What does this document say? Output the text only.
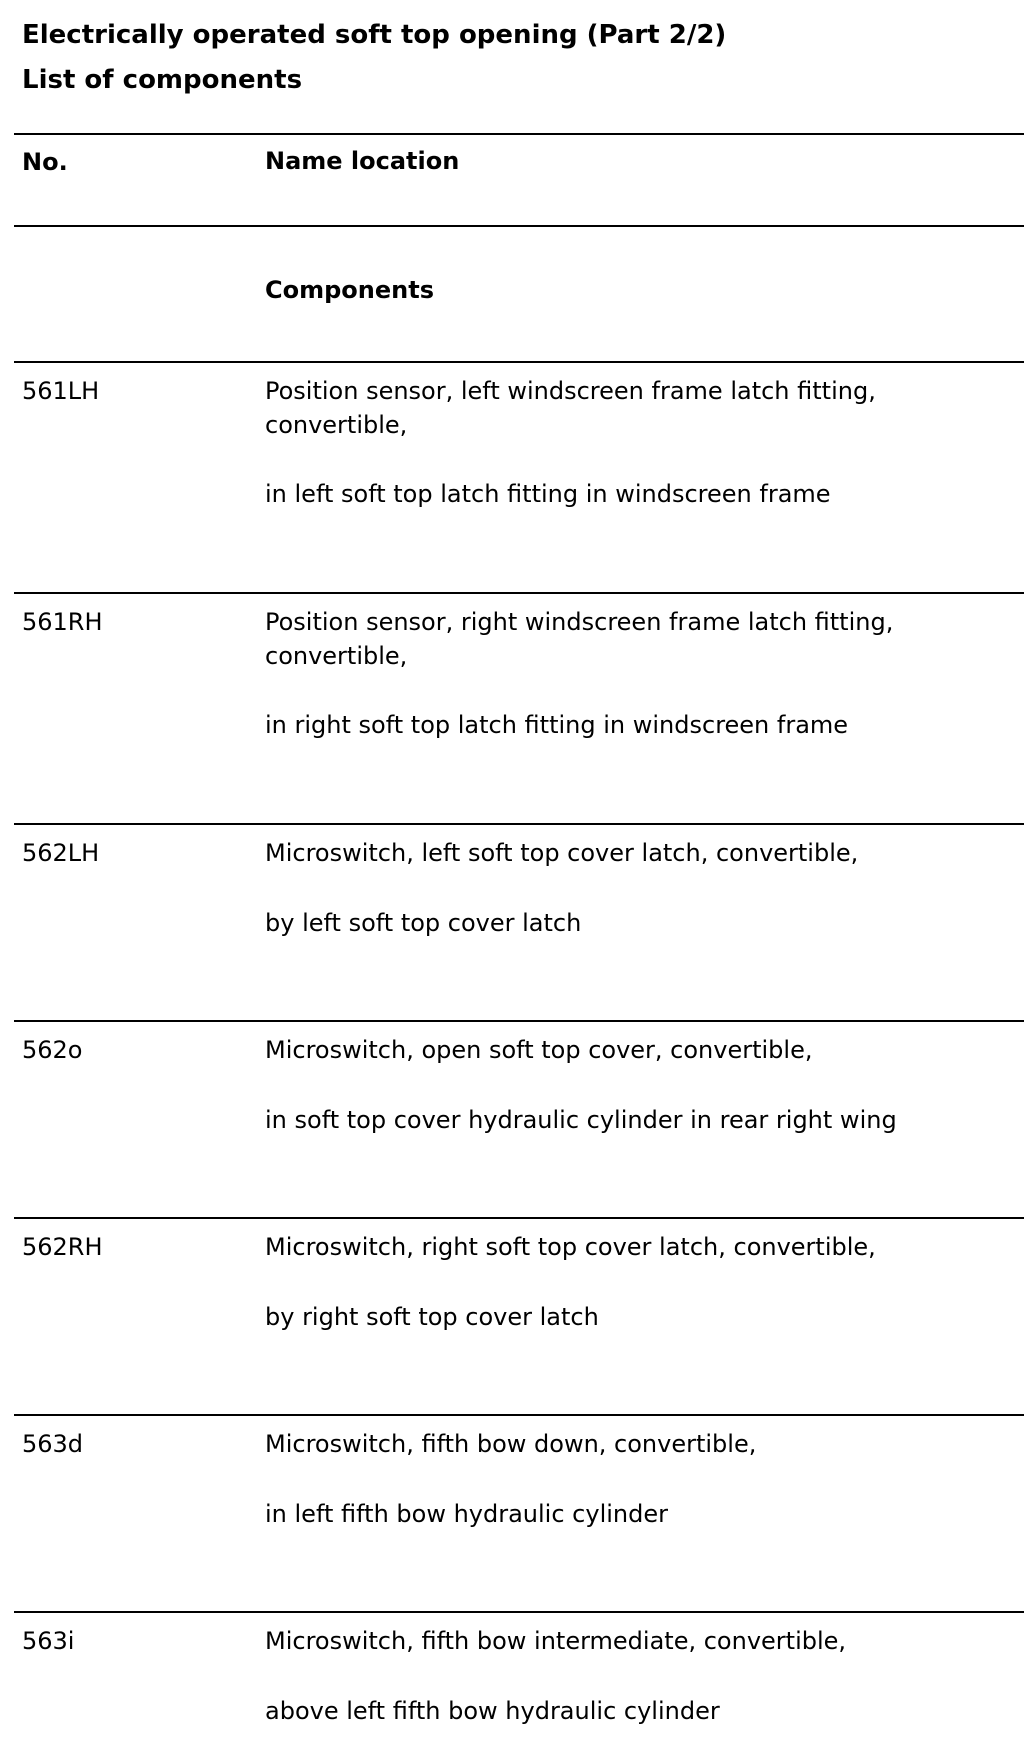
Electrically operated soft top opening (Part 2/2)
List of components
No.	Name location
Components
561LH	Position sensor, left windscreen frame latch fitting, convertible,

in left soft top latch fitting in windscreen frame
561RH	Position sensor, right windscreen frame latch fitting, convertible,

in right soft top latch fitting in windscreen frame
562LH	Microswitch, left soft top cover latch, convertible,
by left soft top cover latch
562o	Microswitch, open soft top cover, convertible,
in soft top cover hydraulic cylinder in rear right wing
562RH	Microswitch, right soft top cover latch, convertible,
by right soft top cover latch
563d	Microswitch, fifth bow down, convertible,
in left fifth bow hydraulic cylinder
563i	Microswitch, fifth bow intermediate, convertible,
above left fifth bow hydraulic cylinder
